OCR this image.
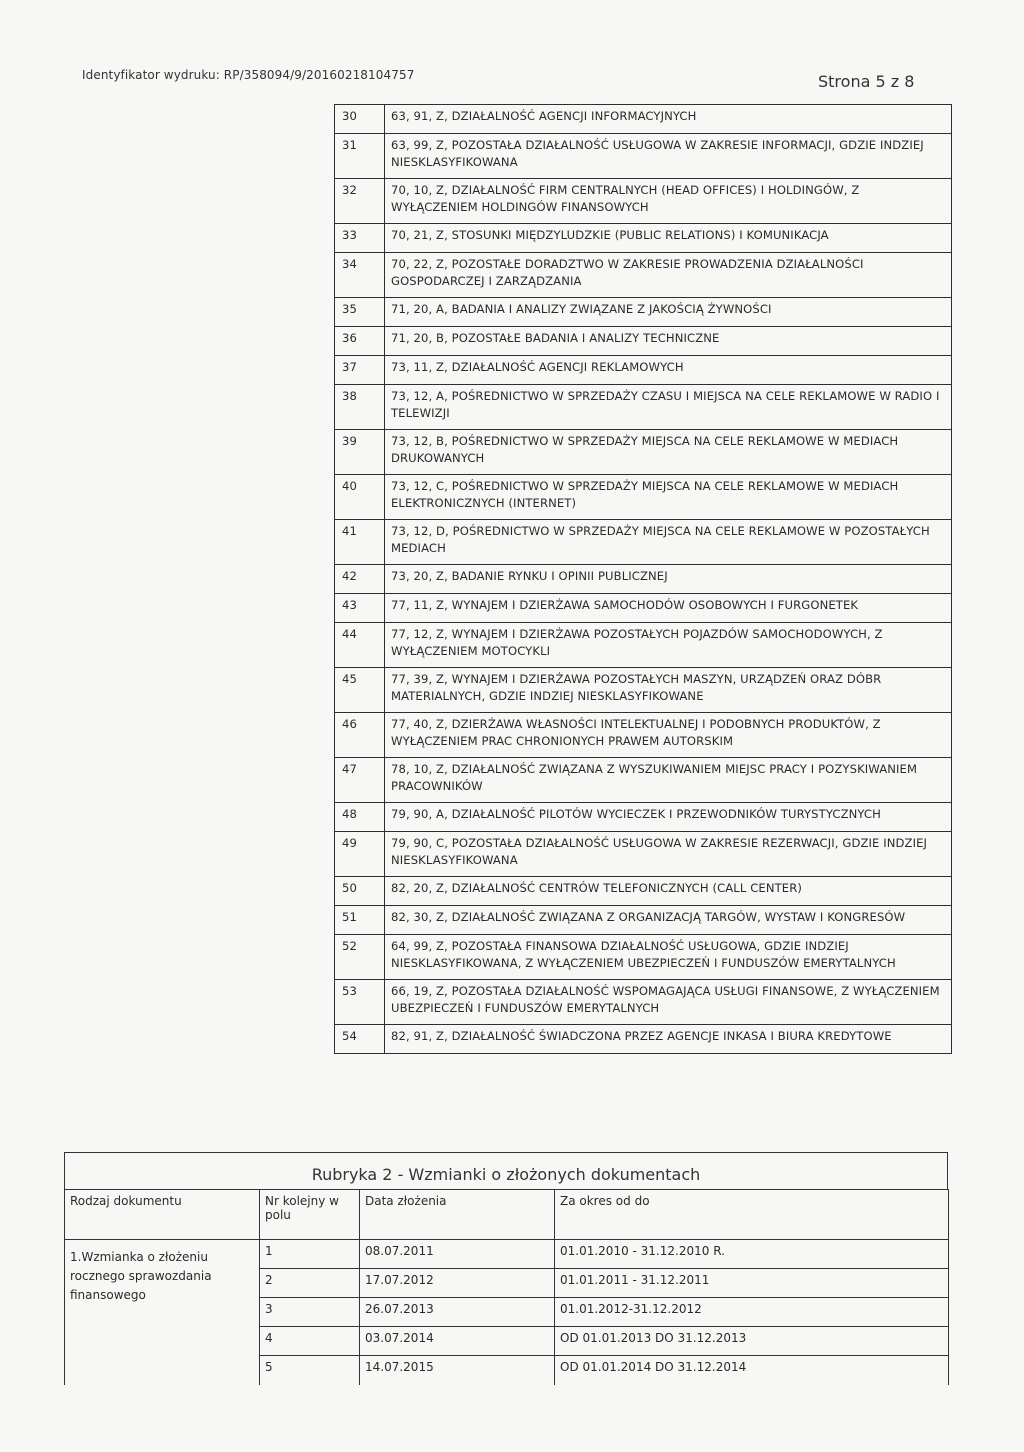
Identyfikator wydruku: RP/358094/9/20160218104757	Strona 5 z 8
30	63, 91, Z, DZIAŁALNOŚĆ AGENCJI INFORMACYJNYCH
31	63, 99, Z, POZOSTAŁA DZIAŁALNOŚĆ USŁUGOWA W ZAKRESIE INFORMACJI, GDZIE INDZIEJ NIESKLASYFIKOWANA
32	70, 10, Z, DZIAŁALNOŚĆ FIRM CENTRALNYCH (HEAD OFFICES) I HOLDINGÓW, Z WYŁĄCZENIEM HOLDINGÓW FINANSOWYCH
33	70, 21, Z, STOSUNKI MIĘDZYLUDZKIE (PUBLIC RELATIONS) I KOMUNIKACJA
34	70, 22, Z, POZOSTAŁE DORADZTWO W ZAKRESIE PROWADZENIA DZIAŁALNOŚCI GOSPODARCZEJ I ZARZĄDZANIA
35	71, 20, A, BADANIA I ANALIZY ZWIĄZANE Z JAKOŚCIĄ ŻYWNOŚCI
36	71, 20, B, POZOSTAŁE BADANIA I ANALIZY TECHNICZNE
37	73, 11, Z, DZIAŁALNOŚĆ AGENCJI REKLAMOWYCH
38	73, 12, A, POŚREDNICTWO W SPRZEDAŻY CZASU I MIEJSCA NA CELE REKLAMOWE W RADIO I TELEWIZJI
39	73, 12, B, POŚREDNICTWO W SPRZEDAŻY MIEJSCA NA CELE REKLAMOWE W MEDIACH DRUKOWANYCH
40	73, 12, C, POŚREDNICTWO W SPRZEDAŻY MIEJSCA NA CELE REKLAMOWE W MEDIACH ELEKTRONICZNYCH (INTERNET)
41	73, 12, D, POŚREDNICTWO W SPRZEDAŻY MIEJSCA NA CELE REKLAMOWE W POZOSTAŁYCH MEDIACH
42	73, 20, Z, BADANIE RYNKU I OPINII PUBLICZNEJ
43	77, 11, Z, WYNAJEM I DZIERŻAWA SAMOCHODÓW OSOBOWYCH I FURGONETEK
44	77, 12, Z, WYNAJEM I DZIERŻAWA POZOSTAŁYCH POJAZDÓW SAMOCHODOWYCH, Z WYŁĄCZENIEM MOTOCYKLI
45	77, 39, Z, WYNAJEM I DZIERŻAWA POZOSTAŁYCH MASZYN, URZĄDZEŃ ORAZ DÓBR MATERIALNYCH, GDZIE INDZIEJ NIESKLASYFIKOWANE
46	77, 40, Z, DZIERŻAWA WŁASNOŚCI INTELEKTUALNEJ I PODOBNYCH PRODUKTÓW, Z WYŁĄCZENIEM PRAC CHRONIONYCH PRAWEM AUTORSKIM
47	78, 10, Z, DZIAŁALNOŚĆ ZWIĄZANA Z WYSZUKIWANIEM MIEJSC PRACY I POZYSKIWANIEM PRACOWNIKÓW
48	79, 90, A, DZIAŁALNOŚĆ PILOTÓW WYCIECZEK I PRZEWODNIKÓW TURYSTYCZNYCH
49	79, 90, C, POZOSTAŁA DZIAŁALNOŚĆ USŁUGOWA W ZAKRESIE REZERWACJI, GDZIE INDZIEJ NIESKLASYFIKOWANA
50	82, 20, Z, DZIAŁALNOŚĆ CENTRÓW TELEFONICZNYCH (CALL CENTER)
51	82, 30, Z, DZIAŁALNOŚĆ ZWIĄZANA Z ORGANIZACJĄ TARGÓW, WYSTAW I KONGRESÓW
52	64, 99, Z, POZOSTAŁA FINANSOWA DZIAŁALNOŚĆ USŁUGOWA, GDZIE INDZIEJ NIESKLASYFIKOWANA, Z WYŁĄCZENIEM UBEZPIECZEŃ I FUNDUSZÓW EMERYTALNYCH
53	66, 19, Z, POZOSTAŁA DZIAŁALNOŚĆ WSPOMAGAJĄCA USŁUGI FINANSOWE, Z WYŁĄCZENIEM UBEZPIECZEŃ I FUNDUSZÓW EMERYTALNYCH
54	82, 91, Z, DZIAŁALNOŚĆ ŚWIADCZONA PRZEZ AGENCJE INKASA I BIURA KREDYTOWE
Rubryka 2 - Wzmianki o złożonych dokumentach
Rodzaj dokumentu	Nr kolejny w polu	Data złożenia	Za okres od do
1.Wzmianka o złożeniu rocznego sprawozdania finansowego	1	08.07.2011	01.01.2010 - 31.12.2010 R.
	2	17.07.2012	01.01.2011 - 31.12.2011
	3	26.07.2013	01.01.2012-31.12.2012
	4	03.07.2014	OD 01.01.2013 DO 31.12.2013
	5	14.07.2015	OD 01.01.2014 DO 31.12.2014
